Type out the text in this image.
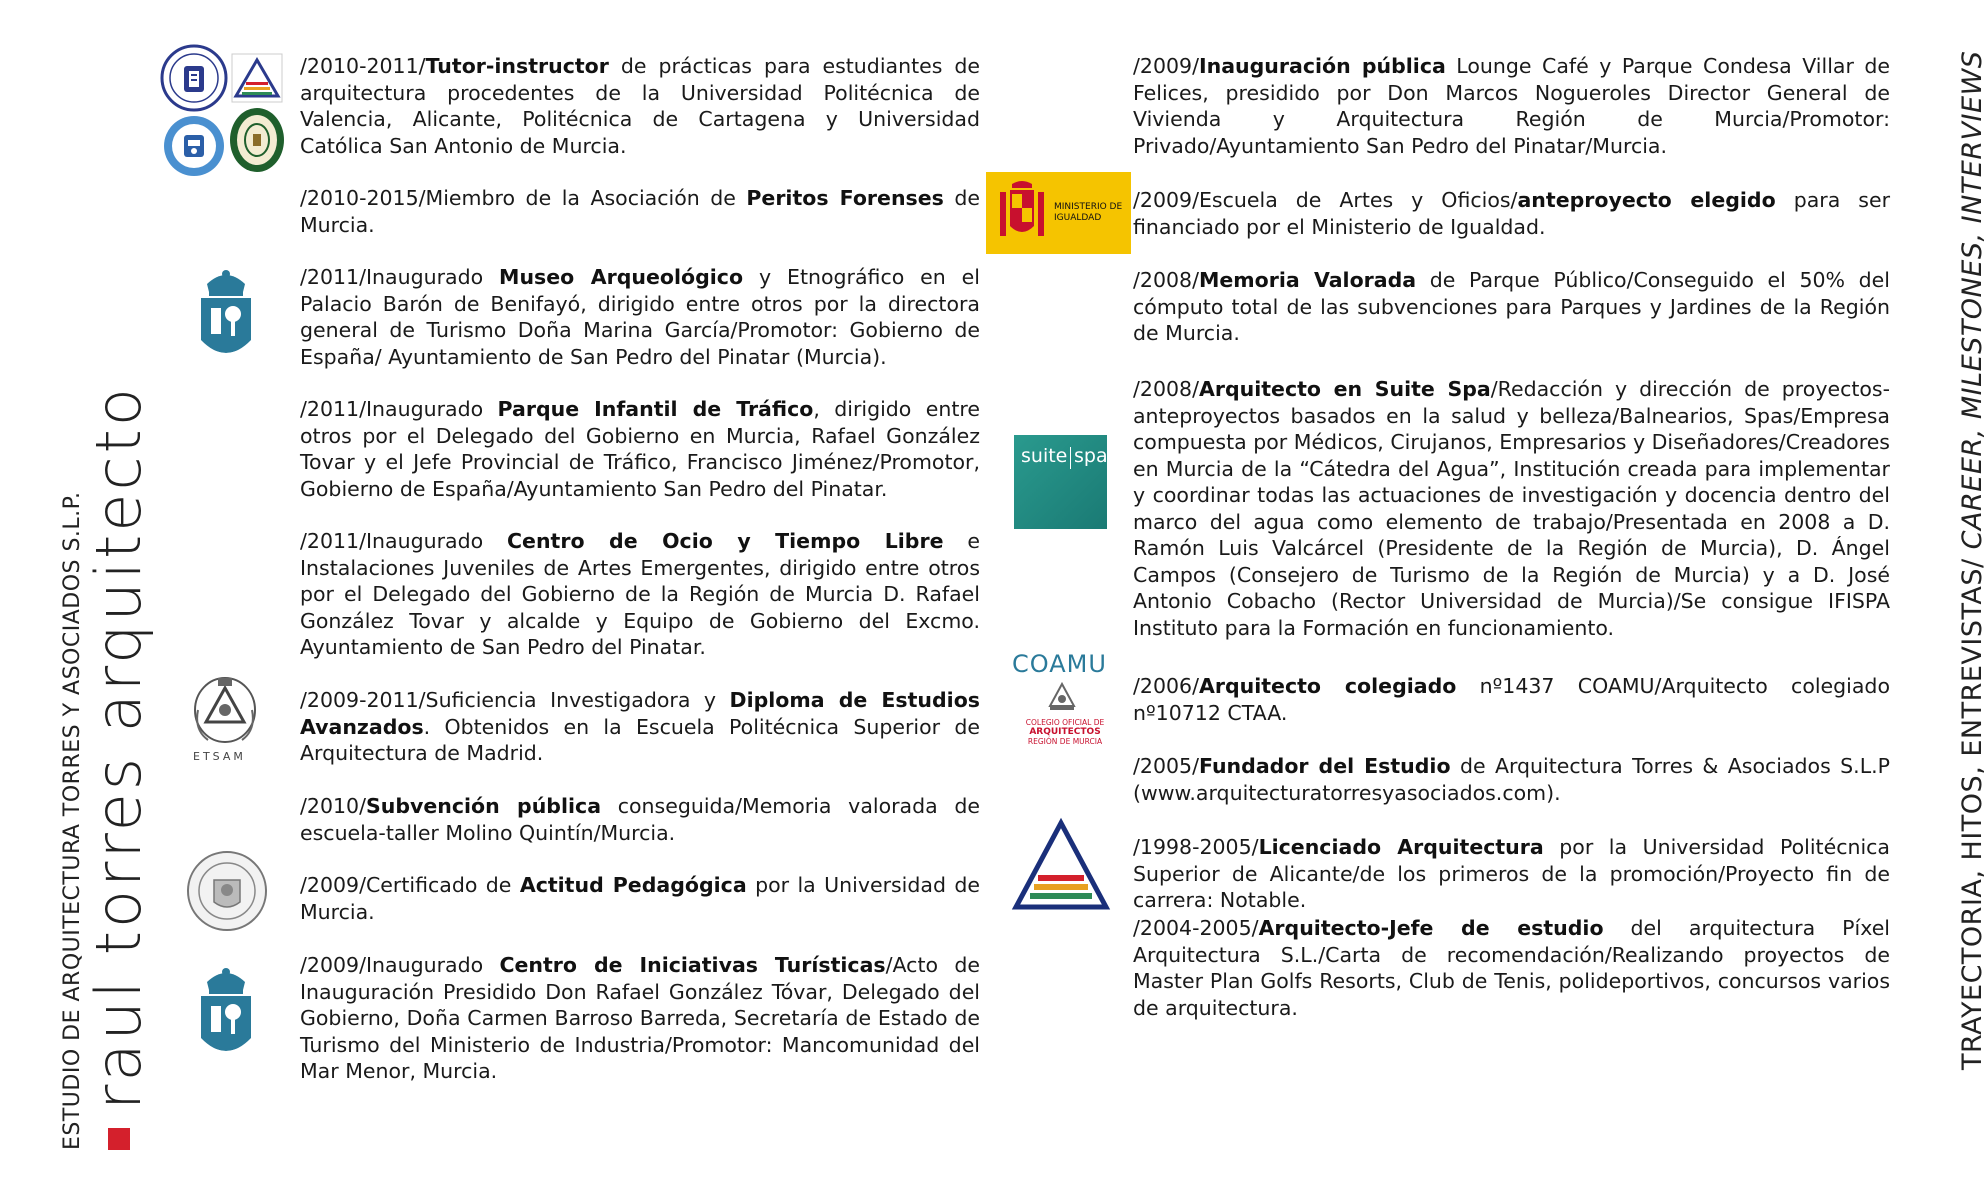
ESTUDIO DE ARQUITECTURA TORRES Y ASOCIADOS S.L.P.
raul torres arquitecto	TRAYECTORIA, HITOS, ENTREVISTAS/ CAREER, MILESTONES, INTERVIEWS
ETSAM
MINISTERIO DE IGUALDAD
suite spa
COAMU
COLEGIO OFICIAL DE
ARQUITECTOS
REGIÓN DE MURCIA

/2010-2011/Tutor-instructor de prácticas para estudiantes de arquitectura procedentes de la Universidad Politécnica de Valencia, Alicante, Politécnica de Cartagena y Universidad Católica San Antonio de Murcia.

/2010-2015/Miembro de la Asociación de Peritos Forenses de Murcia.

/2011/Inaugurado Museo Arqueológico y Etnográfico en el Palacio Barón de Benifayó, dirigido entre otros por la directora general de Turismo Doña Marina García/Promotor: Gobierno de España/ Ayuntamiento de San Pedro del Pinatar (Murcia).

/2011/Inaugurado Parque Infantil de Tráfico, dirigido entre otros por el Delegado del Gobierno en Murcia, Rafael González Tovar y el Jefe Provincial de Tráfico, Francisco Jiménez/Promotor, Gobierno de España/Ayuntamiento San Pedro del Pinatar.

/2011/Inaugurado Centro de Ocio y Tiempo Libre e Instalaciones Juveniles de Artes Emergentes, dirigido entre otros por el Delegado del Gobierno de la Región de Murcia D. Rafael González Tovar y alcalde y Equipo de Gobierno del Excmo. Ayuntamiento de San Pedro del Pinatar.

/2009-2011/Suficiencia Investigadora y Diploma de Estudios Avanzados. Obtenidos en la Escuela Politécnica Superior de Arquitectura de Madrid.

/2010/Subvención pública conseguida/Memoria valorada de escuela-taller Molino Quintín/Murcia.

/2009/Certificado de Actitud Pedagógica por la Universidad de Murcia.

/2009/Inaugurado Centro de Iniciativas Turísticas/Acto de Inauguración Presidido Don Rafael González Tóvar, Delegado del Gobierno, Doña Carmen Barroso Barreda, Secretaría de Estado de Turismo del Ministerio de Industria/Promotor: Mancomunidad del Mar Menor, Murcia.

/2009/Inauguración pública Lounge Café y Parque Condesa Villar de Felices, presidido por Don Marcos Nogueroles Director General de Vivienda y Arquitectura Región de Murcia/Promotor: Privado/Ayuntamiento San Pedro del Pinatar/Murcia.

/2009/Escuela de Artes y Oficios/anteproyecto elegido para ser financiado por el Ministerio de Igualdad.

/2008/Memoria Valorada de Parque Público/Conseguido el 50% del cómputo total de las subvenciones para Parques y Jardines de la Región de Murcia.

/2008/Arquitecto en Suite Spa/Redacción y dirección de proyectos-anteproyectos basados en la salud y belleza/Balnearios, Spas/Empresa compuesta por Médicos, Cirujanos, Empresarios y Diseñadores/Creadores en Murcia de la “Cátedra del Agua”, Institución creada para implementar y coordinar todas las actuaciones de investigación y docencia dentro del marco del agua como elemento de trabajo/Presentada en 2008 a D. Ramón Luis Valcárcel (Presidente de la Región de Murcia), D. Ángel Campos (Consejero de Turismo de la Región de Murcia) y a D. José Antonio Cobacho (Rector Universidad de Murcia)/Se consigue IFISPA Instituto para la Formación en funcionamiento.

/2006/Arquitecto colegiado nº1437 COAMU/Arquitecto colegiado nº10712 CTAA.

/2005/Fundador del Estudio de Arquitectura Torres & Asociados S.L.P (www.arquitecturatorresyasociados.com).

/1998-2005/Licenciado Arquitectura por la Universidad Politécnica Superior de Alicante/de los primeros de la promoción/Proyecto fin de carrera: Notable.

/2004-2005/Arquitecto-Jefe de estudio del arquitectura Píxel Arquitectura S.L./Carta de recomendación/Realizando proyectos de Master Plan Golfs Resorts, Club de Tenis, polideportivos, concursos varios de arquitectura.
